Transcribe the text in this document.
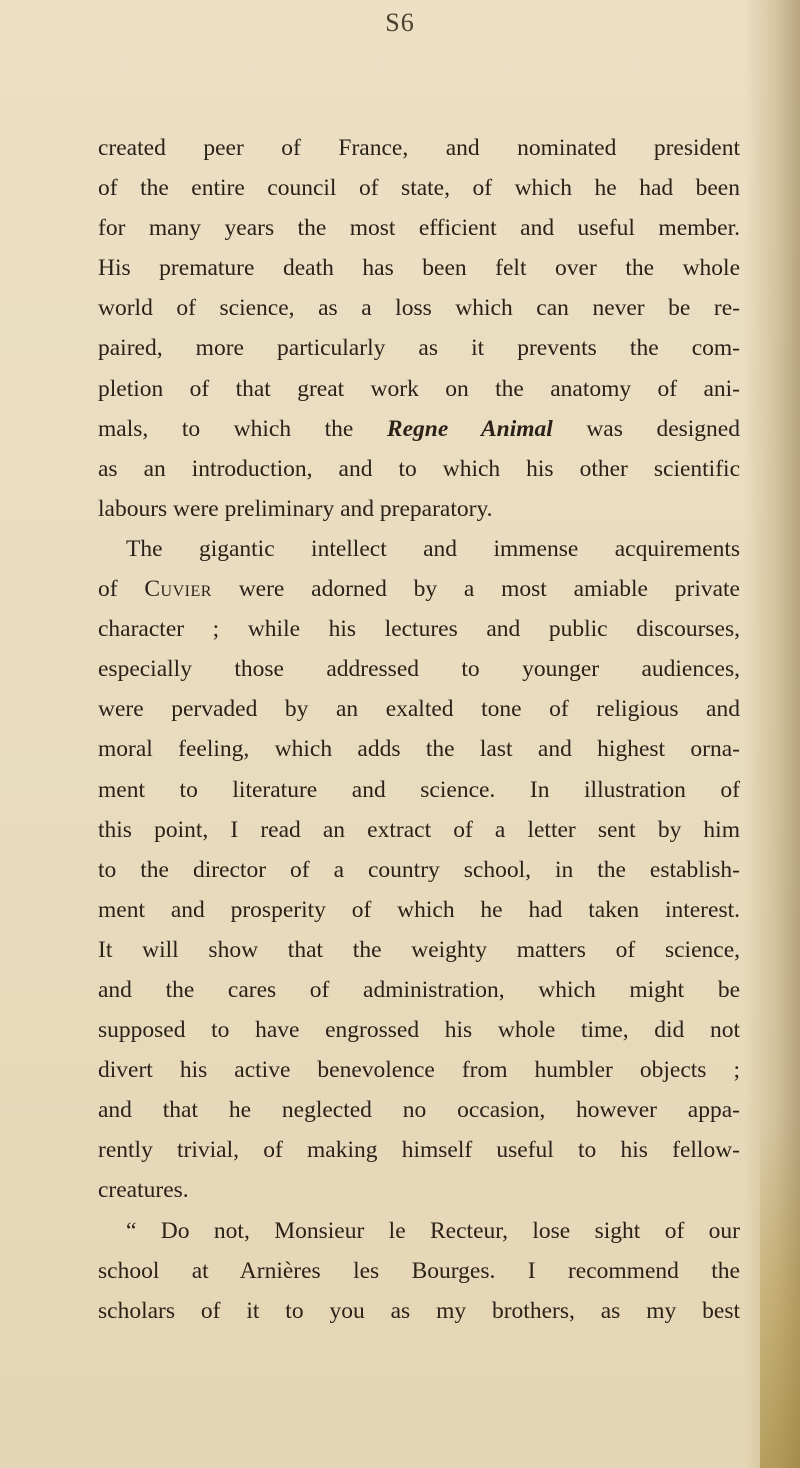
S6
created peer of France, and nominated president
of the entire council of state, of which he had been
for many years the most efficient and useful member.
His premature death has been felt over the whole
world of science, as a loss which can never be re-
paired, more particularly as it prevents the com-
pletion of that great work on the anatomy of ani-
mals, to which the Regne Animal was designed
as an introduction, and to which his other scientific
labours were preliminary and preparatory.
The gigantic intellect and immense acquirements
of Cuvier were adorned by a most amiable private
character ; while his lectures and public discourses,
especially those addressed to younger audiences,
were pervaded by an exalted tone of religious and
moral feeling, which adds the last and highest orna-
ment to literature and science. In illustration of
this point, I read an extract of a letter sent by him
to the director of a country school, in the establish-
ment and prosperity of which he had taken interest.
It will show that the weighty matters of science,
and the cares of administration, which might be
supposed to have engrossed his whole time, did not
divert his active benevolence from humbler objects ;
and that he neglected no occasion, however appa-
rently trivial, of making himself useful to his fellow-
creatures.
“ Do not, Monsieur le Recteur, lose sight of our
school at Arnières les Bourges. I recommend the
scholars of it to you as my brothers, as my best
